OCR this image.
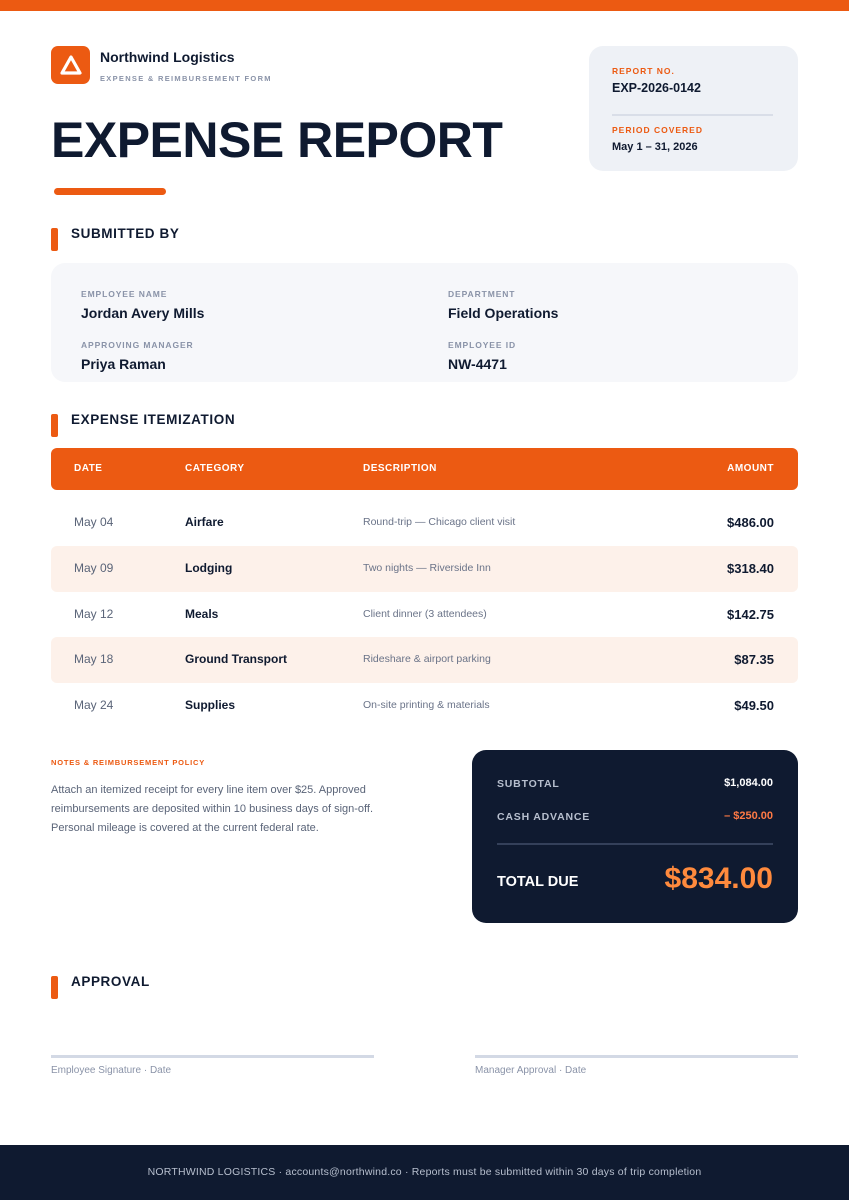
Northwind Logistics
EXPENSE & REIMBURSEMENT FORM
EXPENSE REPORT
REPORT NO.
EXP-2026-0142
PERIOD COVERED
May 1 – 31, 2026
SUBMITTED BY
EMPLOYEE NAME
Jordan Avery Mills
DEPARTMENT
Field Operations
APPROVING MANAGER
Priya Raman
EMPLOYEE ID
NW-4471
EXPENSE ITEMIZATION
DATE	CATEGORY	DESCRIPTION	AMOUNT
May 04	Airfare	Round-trip — Chicago client visit	$486.00
May 09	Lodging	Two nights — Riverside Inn	$318.40
May 12	Meals	Client dinner (3 attendees)	$142.75
May 18	Ground Transport	Rideshare & airport parking	$87.35
May 24	Supplies	On-site printing & materials	$49.50
NOTES & REIMBURSEMENT POLICY
Attach an itemized receipt for every line item over $25. Approved reimbursements are deposited within 10 business days of sign-off. Personal mileage is covered at the current federal rate.
SUBTOTAL	$1,084.00
CASH ADVANCE	– $250.00
TOTAL DUE	$834.00
APPROVAL
Employee Signature · Date	Manager Approval · Date
NORTHWIND LOGISTICS · accounts@northwind.co · Reports must be submitted within 30 days of trip completion
